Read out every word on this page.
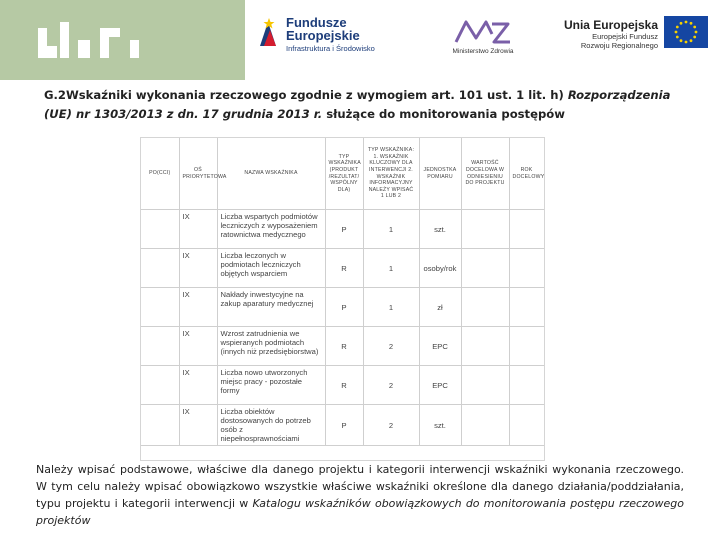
Fundusze
Europejskie
Infrastruktura i Środowisko	Ministerstwo Zdrowia
Unia Europejska
Europejski Fundusz
Rozwoju Regionalnego
G.2Wskaźniki wykonania rzeczowego zgodnie z wymogiem art. 101 ust. 1 lit. h) Rozporządzenia (UE) nr 1303/2013 z dn. 17 grudnia 2013 r. służące do monitorowania postępów
PO(CCI)	OŚ PRIORYTETOWA	NAZWA WSKAŹNIKA	TYP WSKAŹNIKA (PRODUKT /REZULTAT/ WSPÓLNY DLA)	TYP WSKAŹNIKA: 1. WSKAŹNIK KLUCZOWY DLA INTERWENCJI 2. WSKAŹNIK INFORMACYJNY NALEŻY WPISAĆ 1 LUB 2	JEDNOSTKA POMIARU	WARTOŚĆ DOCELOWA W ODNIESIENIU DO PROJEKTU	ROK DOCELOWY
	IX	Liczba wspartych podmiotów leczniczych z wyposażeniem ratownictwa medycznego	P	1	szt.		
	IX	Liczba leczonych w podmiotach leczniczych objętych wsparciem	R	1	osoby/rok		
	IX	Nakłady inwestycyjne na zakup aparatury medycznej	P	1	zł		
	IX	Wzrost zatrudnienia we wspieranych podmiotach (innych niż przedsiębiorstwa)	R	2	EPC		
	IX	Liczba nowo utworzonych miejsc pracy - pozostałe formy	R	2	EPC		
	IX	Liczba obiektów dostosowanych do potrzeb osób z niepełnosprawnościami	P	2	szt.		
Należy wpisać podstawowe, właściwe dla danego projektu i kategorii interwencji wskaźniki wykonania rzeczowego. W tym celu należy wpisać obowiązkowo wszystkie właściwe wskaźniki określone dla danego działania/poddziałania, typu projektu i kategorii interwencji w Katalogu wskaźników obowiązkowych do monitorowania postępu rzeczowego projektów
